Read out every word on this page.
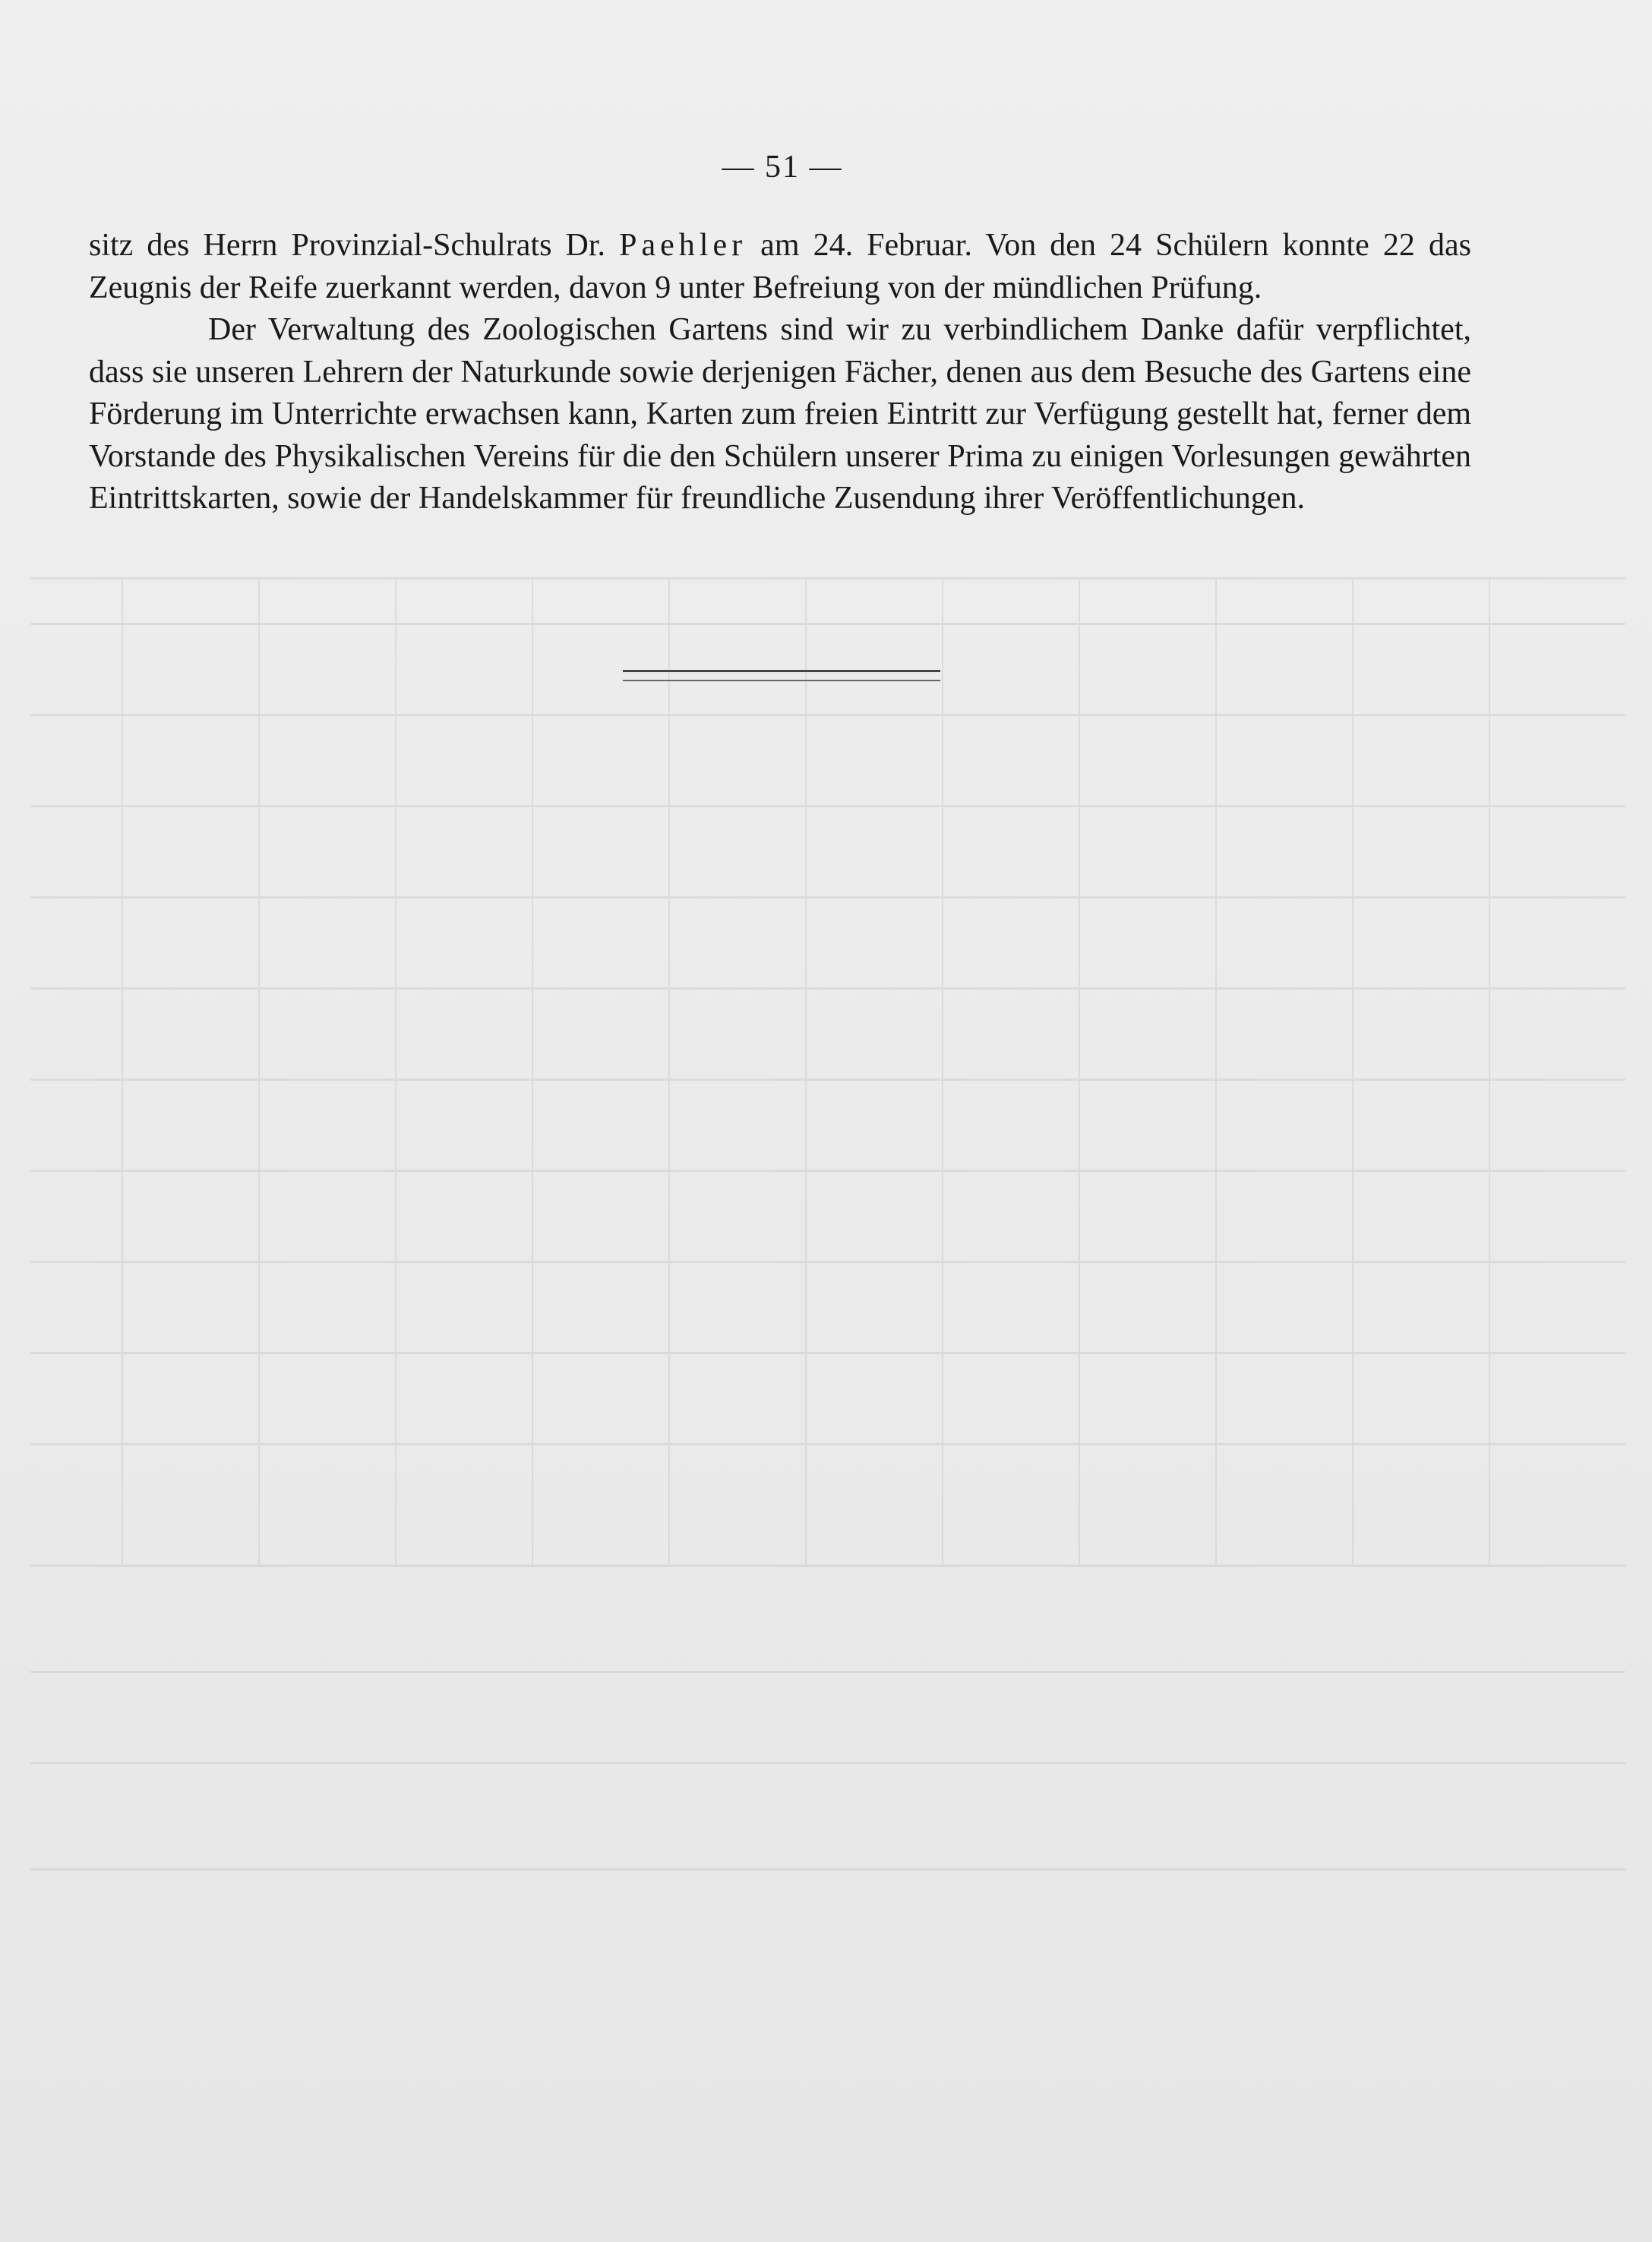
— 51 —

sitz des Herrn Provinzial-Schulrats Dr. Paehler am 24. Februar. Von den 24 Schülern konnte 22 das Zeugnis der Reife zuerkannt werden, davon 9 unter Befreiung von der mündlichen Prüfung.

Der Verwaltung des Zoologischen Gartens sind wir zu verbindlichem Danke dafür verpflichtet, dass sie unseren Lehrern der Naturkunde sowie derjenigen Fächer, denen aus dem Besuche des Gartens eine Förderung im Unterrichte erwachsen kann, Karten zum freien Eintritt zur Verfügung gestellt hat, ferner dem Vorstande des Physikalischen Vereins für die den Schülern unserer Prima zu einigen Vorlesungen gewährten Eintrittskarten, sowie der Handelskammer für freundliche Zusendung ihrer Veröffentlichungen.
